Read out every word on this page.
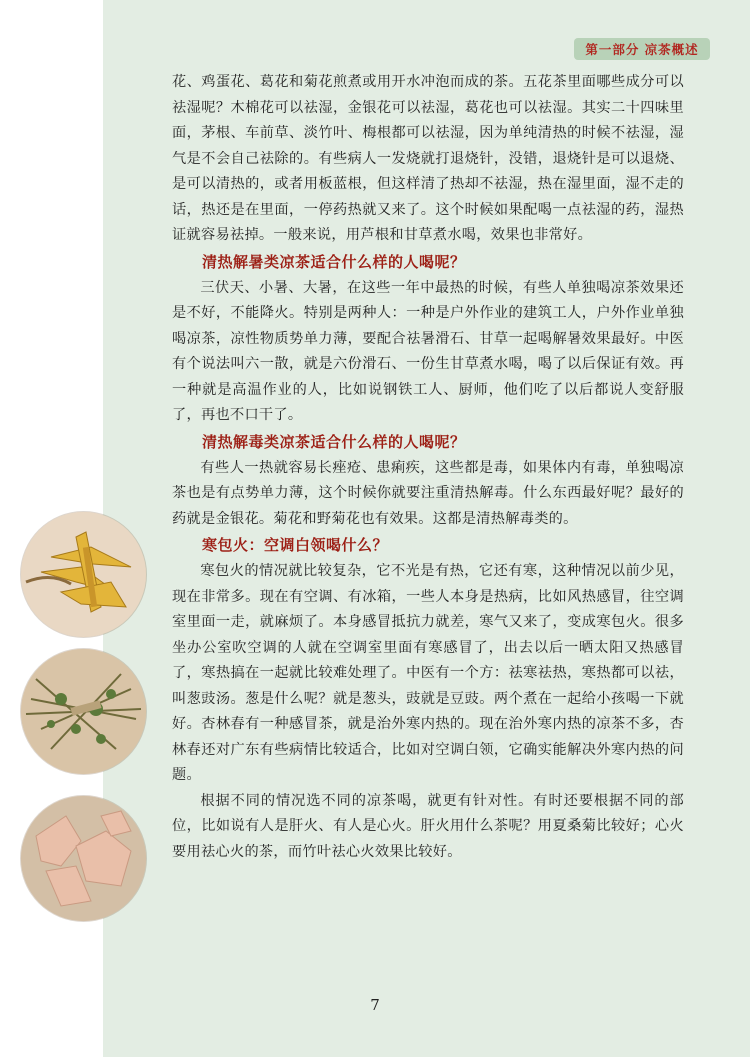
第一部分 凉茶概述

花、鸡蛋花、葛花和菊花煎煮或用开水冲泡而成的茶。五花茶里面哪些成分可以祛湿呢？木棉花可以祛湿，金银花可以祛湿，葛花也可以祛湿。其实二十四味里面，茅根、车前草、淡竹叶、梅根都可以祛湿，因为单纯清热的时候不祛湿，湿气是不会自己祛除的。有些病人一发烧就打退烧针，没错，退烧针是可以退烧、是可以清热的，或者用板蓝根，但这样清了热却不祛湿，热在湿里面，湿不走的话，热还是在里面，一停药热就又来了。这个时候如果配喝一点祛湿的药，湿热证就容易祛掉。一般来说，用芦根和甘草煮水喝，效果也非常好。

清热解暑类凉茶适合什么样的人喝呢？

三伏天、小暑、大暑，在这些一年中最热的时候，有些人单独喝凉茶效果还是不好，不能降火。特别是两种人：一种是户外作业的建筑工人，户外作业单独喝凉茶，凉性物质势单力薄，要配合祛暑滑石、甘草一起喝解暑效果最好。中医有个说法叫六一散，就是六份滑石、一份生甘草煮水喝，喝了以后保证有效。再一种就是高温作业的人，比如说钢铁工人、厨师，他们吃了以后都说人变舒服了，再也不口干了。

清热解毒类凉茶适合什么样的人喝呢？

有些人一热就容易长痤疮、患痢疾，这些都是毒，如果体内有毒，单独喝凉茶也是有点势单力薄，这个时候你就要注重清热解毒。什么东西最好呢？最好的药就是金银花。菊花和野菊花也有效果。这都是清热解毒类的。

寒包火：空调白领喝什么？

寒包火的情况就比较复杂，它不光是有热，它还有寒，这种情况以前少见，现在非常多。现在有空调、有冰箱，一些人本身是热病，比如风热感冒，往空调室里面一走，就麻烦了。本身感冒抵抗力就差，寒气又来了，变成寒包火。很多坐办公室吹空调的人就在空调室里面有寒感冒了，出去以后一晒太阳又热感冒了，寒热搞在一起就比较难处理了。中医有一个方：祛寒祛热，寒热都可以祛，叫葱豉汤。葱是什么呢？就是葱头，豉就是豆豉。两个煮在一起给小孩喝一下就好。杏林春有一种感冒茶，就是治外寒内热的。现在治外寒内热的凉茶不多，杏林春还对广东有些病情比较适合，比如对空调白领，它确实能解决外寒内热的问题。

根据不同的情况选不同的凉茶喝，就更有针对性。有时还要根据不同的部位，比如说有人是肝火、有人是心火。肝火用什么茶呢？用夏桑菊比较好；心火要用祛心火的茶，而竹叶祛心火效果比较好。

7
